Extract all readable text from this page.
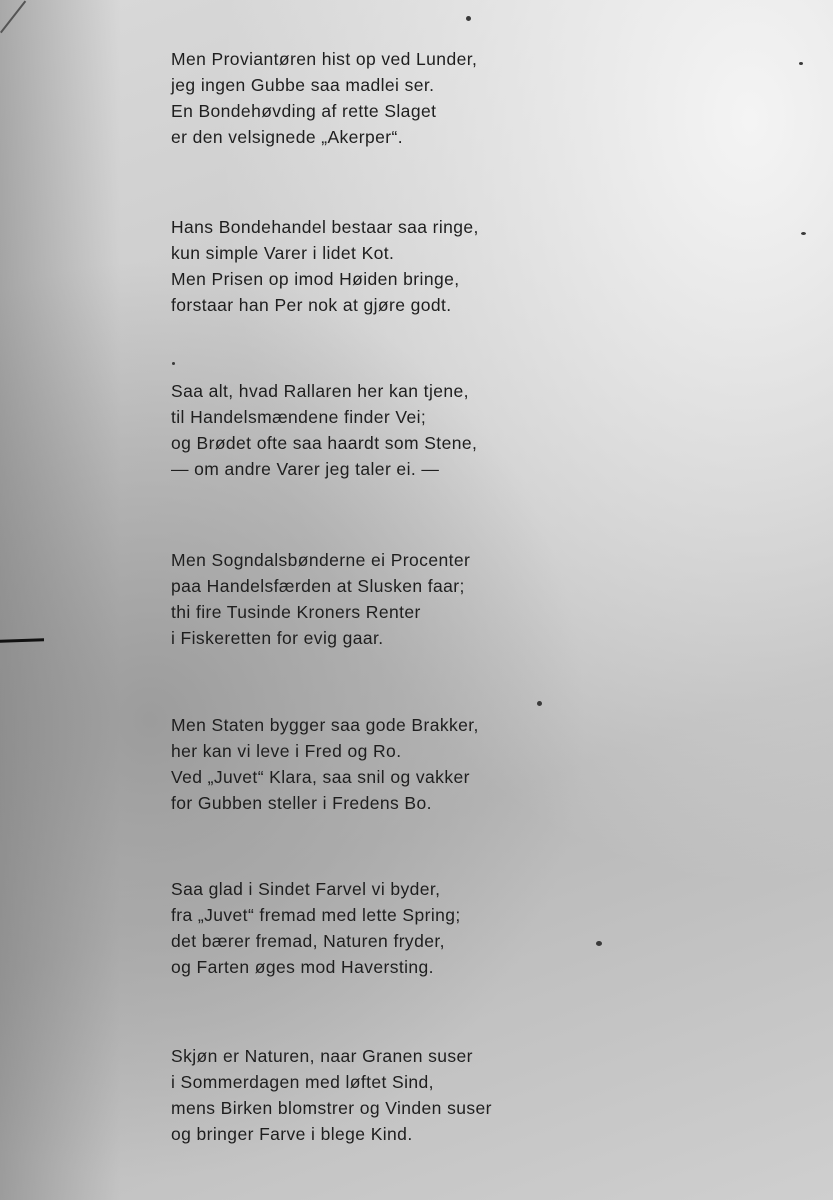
Men Proviantøren hist op ved Lunder,
jeg ingen Gubbe saa madlei ser.
En Bondehøvding af rette Slaget
er den velsignede „Akerper“.
Hans Bondehandel bestaar saa ringe,
kun simple Varer i lidet Kot.
Men Prisen op imod Høiden bringe,
forstaar han Per nok at gjøre godt.
Saa alt, hvad Rallaren her kan tjene,
til Handelsmændene finder Vei;
og Brødet ofte saa haardt som Stene,
— om andre Varer jeg taler ei. —
Men Sogndalsbønderne ei Procenter
paa Handelsfærden at Slusken faar;
thi fire Tusinde Kroners Renter
i Fiskeretten for evig gaar.
Men Staten bygger saa gode Brakker,
her kan vi leve i Fred og Ro.
Ved „Juvet“ Klara, saa snil og vakker
for Gubben steller i Fredens Bo.
Saa glad i Sindet Farvel vi byder,
fra „Juvet“ fremad med lette Spring;
det bærer fremad, Naturen fryder,
og Farten øges mod Haversting.
Skjøn er Naturen, naar Granen suser
i Sommerdagen med løftet Sind,
mens Birken blomstrer og Vinden suser
og bringer Farve i blege Kind.
